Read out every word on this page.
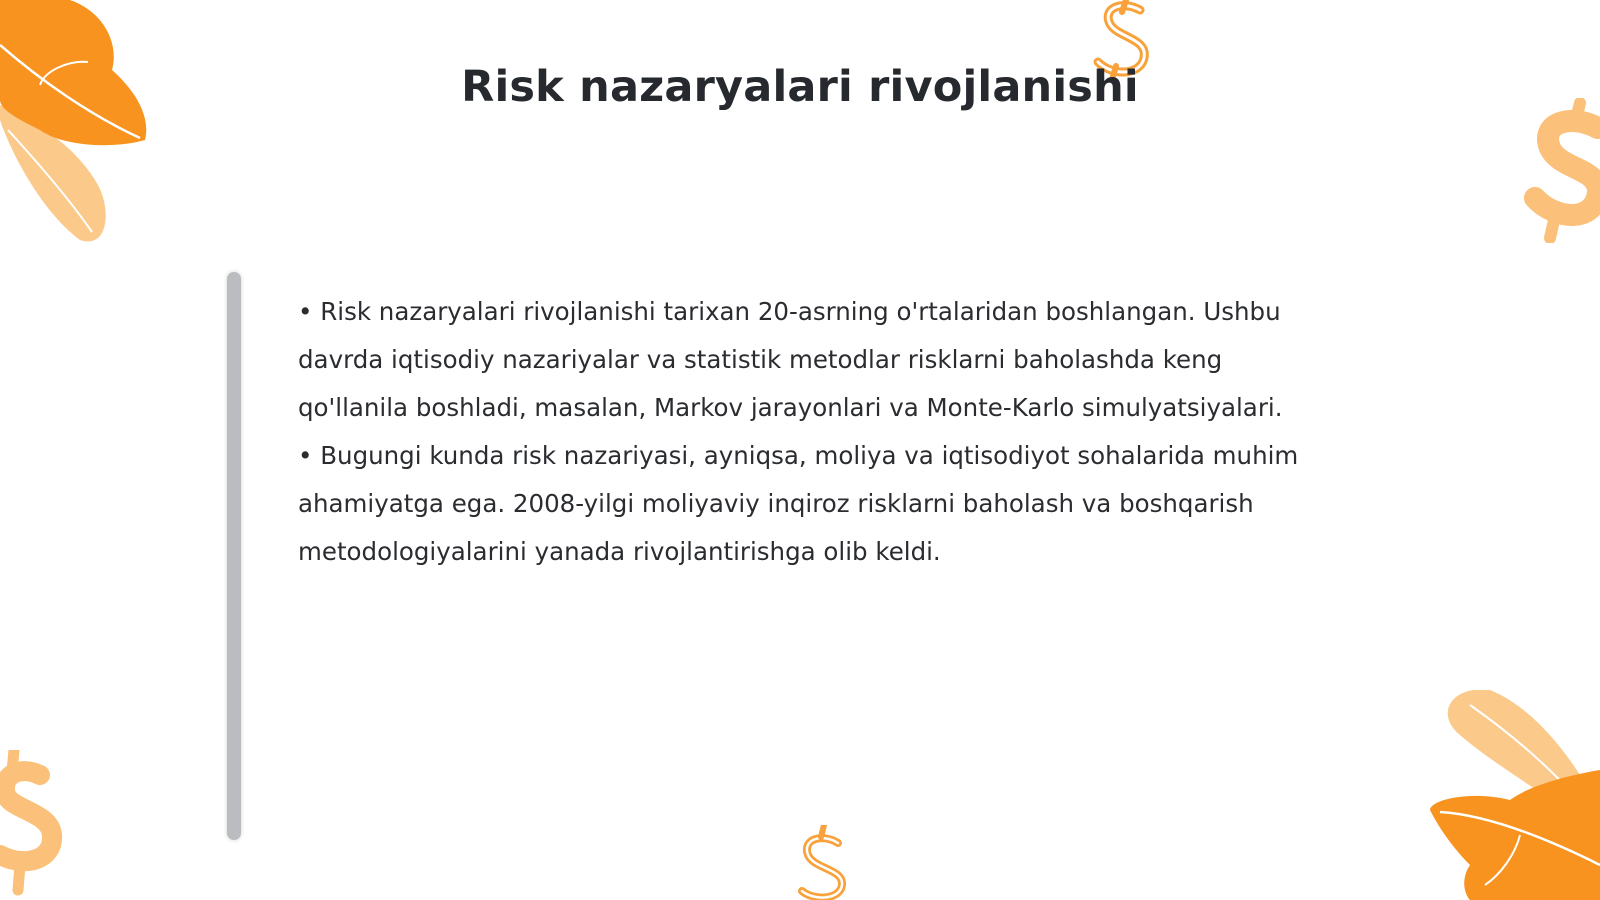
Risk nazaryalari rivojlanishi

• Risk nazaryalari rivojlanishi tarixan 20-asrning o'rtalaridan boshlangan. Ushbu davrda iqtisodiy nazariyalar va statistik metodlar risklarni baholashda keng qo'llanila boshladi, masalan, Markov jarayonlari va Monte-Karlo simulyatsiyalari.

• Bugungi kunda risk nazariyasi, ayniqsa, moliya va iqtisodiyot sohalarida muhim ahamiyatga ega. 2008-yilgi moliyaviy inqiroz risklarni baholash va boshqarish metodologiyalarini yanada rivojlantirishga olib keldi.
